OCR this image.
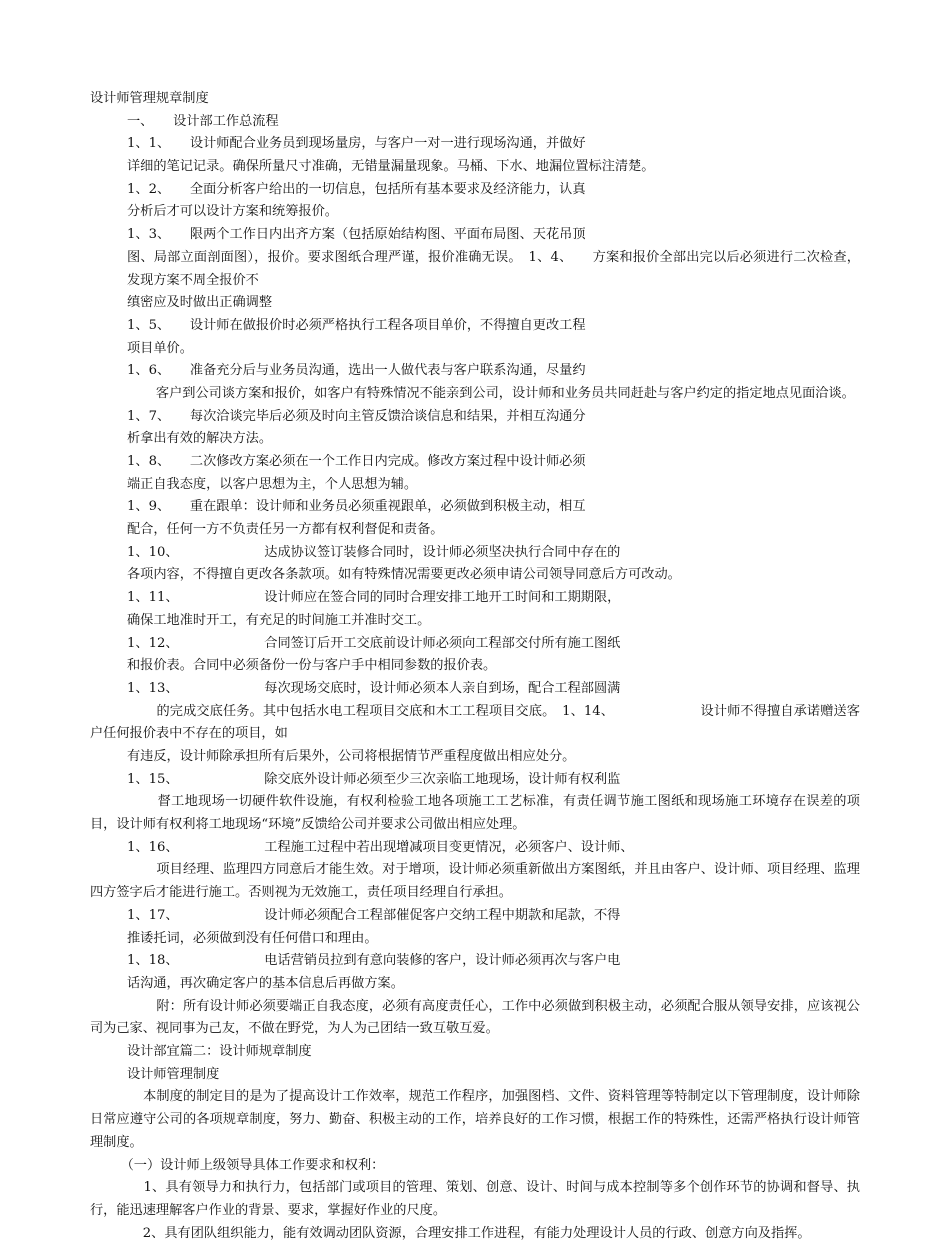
设计师管理规章制度
一、　　设计部工作总流程
1、1、　　设计师配合业务员到现场量房，与客户一对一进行现场沟通，并做好
详细的笔记记录。确保所量尺寸准确，无错量漏量现象。马桶、下水、地漏位置标注清楚。
1、2、　　全面分析客户给出的一切信息，包括所有基本要求及经济能力，认真
分析后才可以设计方案和统筹报价。
1、3、　　限两个工作日内出齐方案（包括原始结构图、平面布局图、天花吊顶
图、局部立面剖面图），报价。要求图纸合理严谨，报价准确无误。　1、4、　　方案和报价全部出完以后必须进行二次检查，发现方案不周全报价不
缜密应及时做出正确调整
1、5、　　设计师在做报价时必须严格执行工程各项目单价，不得擅自更改工程
项目单价。
1、6、　　准备充分后与业务员沟通，选出一人做代表与客户联系沟通，尽量约
　　　　　客户到公司谈方案和报价，如客户有特殊情况不能亲到公司，设计师和业务员共同赶赴与客户约定的指定地点见面洽谈。
1、7、　　每次洽谈完毕后必须及时向主管反馈洽谈信息和结果，并相互沟通分
析拿出有效的解决方法。
1、8、　　二次修改方案必须在一个工作日内完成。修改方案过程中设计师必须
端正自我态度，以客户思想为主，个人思想为辅。
1、9、　　重在跟单：设计师和业务员必须重视跟单，必须做到积极主动，相互
配合，任何一方不负责任另一方都有权利督促和责备。
1、10、　　　　　　　达成协议签订装修合同时，设计师必须坚决执行合同中存在的
各项内容，不得擅自更改各条款项。如有特殊情况需要更改必须申请公司领导同意后方可改动。
1、11、　　　　　　　设计师应在签合同的同时合理安排工地开工时间和工期期限，
确保工地准时开工，有充足的时间施工并准时交工。
1、12、　　　　　　　合同签订后开工交底前设计师必须向工程部交付所有施工图纸
和报价表。合同中必须备份一份与客户手中相同参数的报价表。
1、13、　　　　　　　每次现场交底时，设计师必须本人亲自到场，配合工程部圆满
　　　　　的完成交底任务。其中包括水电工程项目交底和木工工程项目交底。　1、14、　　　　　　　设计师不得擅自承诺赠送客户任何报价表中不存在的项目，如
有违反，设计师除承担所有后果外，公司将根据情节严重程度做出相应处分。
1、15、　　　　　　　除交底外设计师必须至少三次亲临工地现场，设计师有权利监
　　　　　督工地现场一切硬件软件设施，有权利检验工地各项施工工艺标准，有责任调节施工图纸和现场施工环境存在误差的项目，设计师有权利将工地现场“环境”反馈给公司并要求公司做出相应处理。
1、16、　　　　　　　工程施工过程中若出现增减项目变更情况，必须客户、设计师、
　　　　　项目经理、监理四方同意后才能生效。对于增项，设计师必须重新做出方案图纸，并且由客户、设计师、项目经理、监理四方签字后才能进行施工。否则视为无效施工，责任项目经理自行承担。
1、17、　　　　　　　设计师必须配合工程部催促客户交纳工程中期款和尾款，不得
推诿托词，必须做到没有任何借口和理由。
1、18、　　　　　　　电话营销员拉到有意向装修的客户，设计师必须再次与客户电
话沟通，再次确定客户的基本信息后再做方案。
　　　　　附：所有设计师必须要端正自我态度，必须有高度责任心，工作中必须做到积极主动，必须配合服从领导安排，应该视公司为己家、视同事为己友，不做在野党，为人为己团结一致互敬互爱。
设计部宜篇二：设计师规章制度
设计师管理制度
　　　　本制度的制定目的是为了提高设计工作效率，规范工作程序，加强图档、文件、资料管理等特制定以下管理制度，设计师除日常应遵守公司的各项规章制度，努力、勤奋、积极主动的工作，培养良好的工作习惯，根据工作的特殊性，还需严格执行设计师管理制度。
　（一）设计师上级领导具体工作要求和权利：
　　　　1、具有领导力和执行力，包括部门或项目的管理、策划、创意、设计、时间与成本控制等多个创作环节的协调和督导、执行，能迅速理解客户作业的背景、要求，掌握好作业的尺度。
　　　　2、具有团队组织能力，能有效调动团队资源，合理安排工作进程，有能力处理设计人员的行政、创意方向及指挥。
